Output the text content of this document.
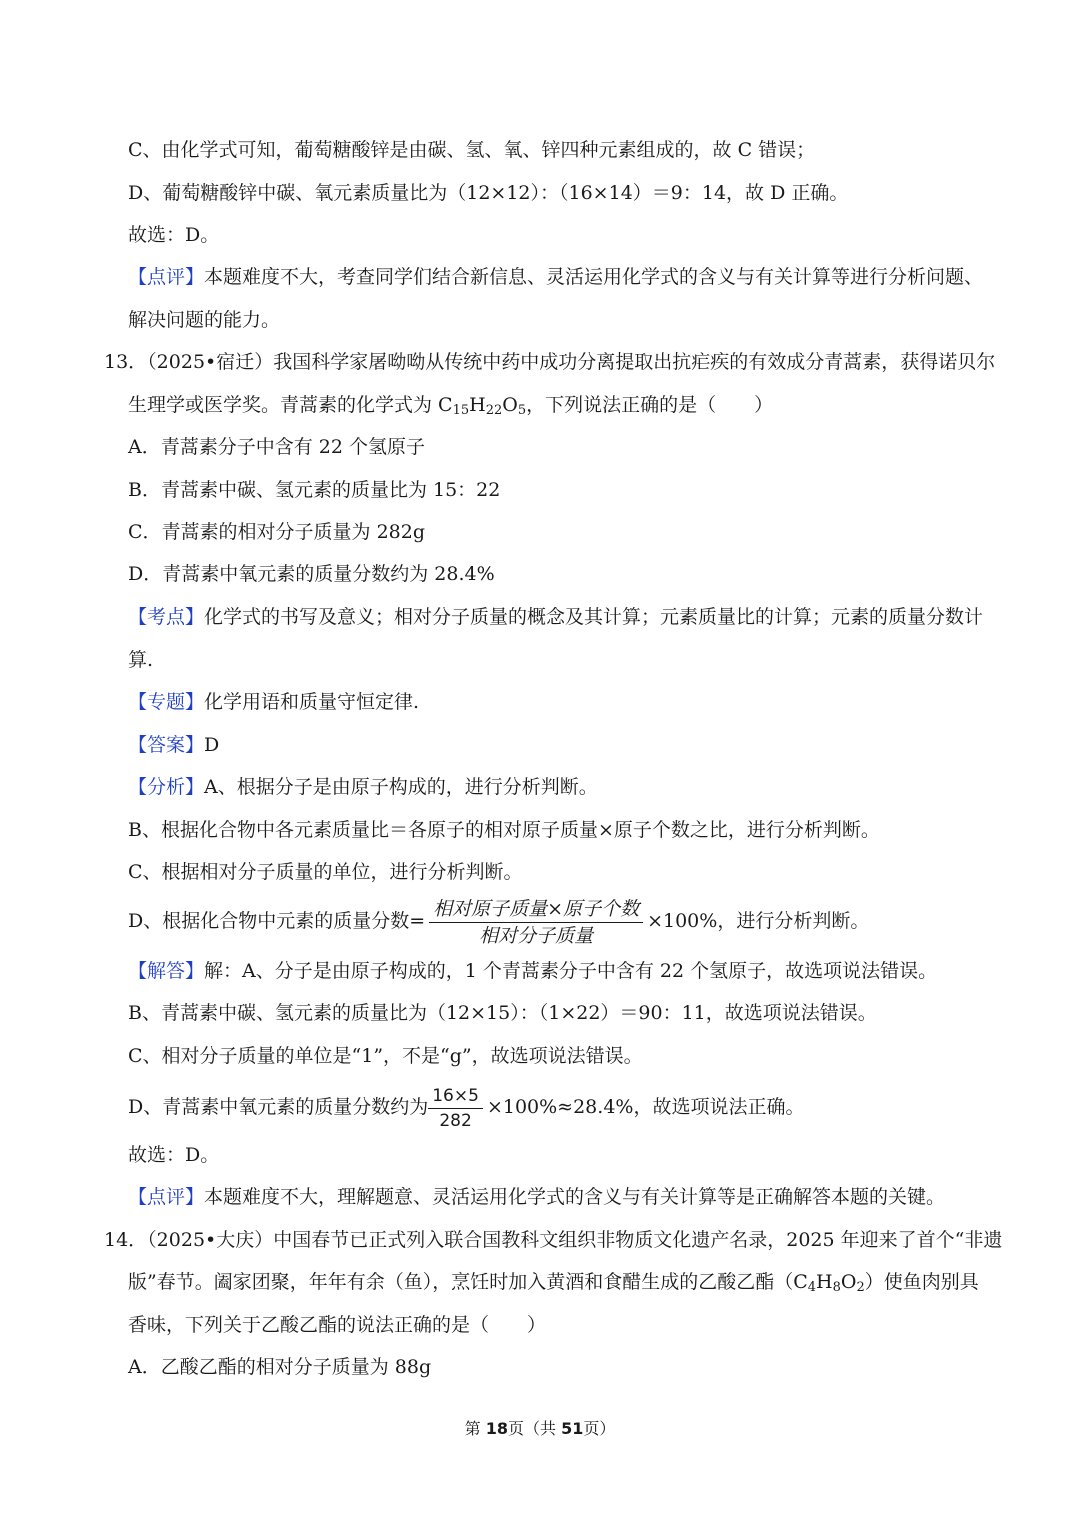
C、由化学式可知，葡萄糖酸锌是由碳、氢、氧、锌四种元素组成的，故 C 错误；
D、葡萄糖酸锌中碳、氧元素质量比为（12×12）：（16×14）＝9：14，故 D 正确。
故选：D。
【点评】本题难度不大，考查同学们结合新信息、灵活运用化学式的含义与有关计算等进行分析问题、
解决问题的能力。
13．（2025•宿迁）我国科学家屠呦呦从传统中药中成功分离提取出抗疟疾的有效成分青蒿素，获得诺贝尔
生理学或医学奖。青蒿素的化学式为 $C_{15}H_{22}O_5$，下列说法正确的是（　　）
A．青蒿素分子中含有 22 个氢原子
B．青蒿素中碳、氢元素的质量比为 15：22
C．青蒿素的相对分子质量为 282g
D．青蒿素中氧元素的质量分数约为 28.4%
【考点】化学式的书写及意义；相对分子质量的概念及其计算；元素质量比的计算；元素的质量分数计
算.
【专题】化学用语和质量守恒定律.
【答案】D
【分析】A、根据分子是由原子构成的，进行分析判断。
B、根据化合物中各元素质量比＝各原子的相对原子质量×原子个数之比，进行分析判断。
C、根据相对分子质量的单位，进行分析判断。
D、根据化合物中元素的质量分数= $\frac{\text{相对原子质量×原子个数}}{\text{相对分子质量}} \times 100\%$，进行分析判断。
【解答】解：A、分子是由原子构成的，1 个青蒿素分子中含有 22 个氢原子，故选项说法错误。
B、青蒿素中碳、氢元素的质量比为（12×15）：（1×22）＝90：11，故选项说法错误。
C、相对分子质量的单位是“1”，不是“g”，故选项说法错误。
D、青蒿素中氧元素的质量分数约为 $\frac{16\times 5}{282} \times 100\%\approx 28.4\%$，故选项说法正确。
故选：D。
【点评】本题难度不大，理解题意、灵活运用化学式的含义与有关计算等是正确解答本题的关键。
14．（2025•大庆）中国春节已正式列入联合国教科文组织非物质文化遗产名录，2025 年迎来了首个“非遗
版”春节。阖家团聚，年年有余（鱼），烹饪时加入黄酒和食醋生成的乙酸乙酯$(C_4H_8O_2)$使鱼肉别具
香味，下列关于乙酸乙酯的说法正确的是（　　）
A．乙酸乙酯的相对分子质量为 88g
第 18页（共 51页）
